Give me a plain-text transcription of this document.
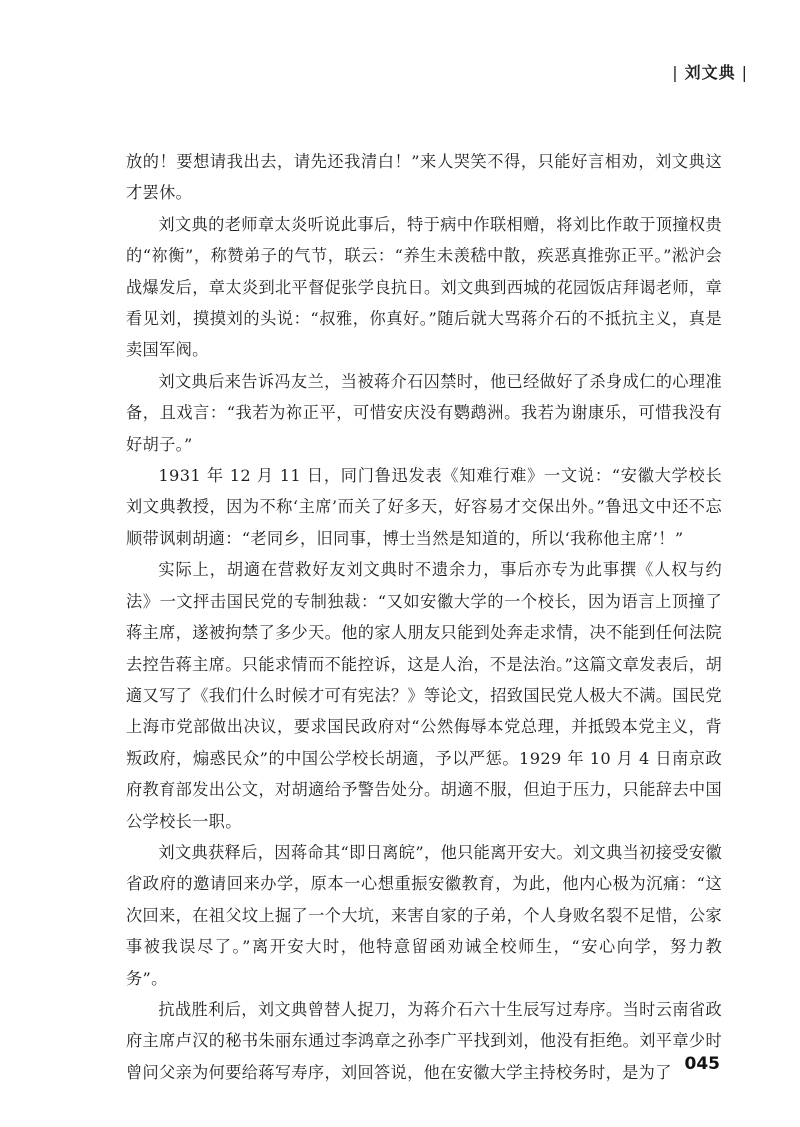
| 刘文典 |

放的！要想请我出去，请先还我清白！”来人哭笑不得，只能好言相劝，刘文典这才罢休。

刘文典的老师章太炎听说此事后，特于病中作联相赠，将刘比作敢于顶撞权贵的“祢衡”，称赞弟子的气节，联云：“养生未羡嵇中散，疾恶真推弥正平。”淞沪会战爆发后，章太炎到北平督促张学良抗日。刘文典到西城的花园饭店拜谒老师，章看见刘，摸摸刘的头说：“叔雅，你真好。”随后就大骂蒋介石的不抵抗主义，真是卖国军阀。

刘文典后来告诉冯友兰，当被蒋介石囚禁时，他已经做好了杀身成仁的心理准备，且戏言：“我若为祢正平，可惜安庆没有鹦鹉洲。我若为谢康乐，可惜我没有好胡子。”

1931 年 12 月 11 日，同门鲁迅发表《知难行难》一文说：“安徽大学校长刘文典教授，因为不称‘主席’而关了好多天，好容易才交保出外。”鲁迅文中还不忘顺带讽刺胡適：“老同乡，旧同事，博士当然是知道的，所以‘我称他主席’！”

实际上，胡適在营救好友刘文典时不遗余力，事后亦专为此事撰《人权与约法》一文抨击国民党的专制独裁：“又如安徽大学的一个校长，因为语言上顶撞了蒋主席，遂被拘禁了多少天。他的家人朋友只能到处奔走求情，决不能到任何法院去控告蒋主席。只能求情而不能控诉，这是人治，不是法治。”这篇文章发表后，胡適又写了《我们什么时候才可有宪法？》等论文，招致国民党人极大不满。国民党上海市党部做出决议，要求国民政府对“公然侮辱本党总理，并抵毁本党主义，背叛政府，煽惑民众”的中国公学校长胡適，予以严惩。1929 年 10 月 4 日南京政府教育部发出公文，对胡適给予警告处分。胡適不服，但迫于压力，只能辞去中国公学校长一职。

刘文典获释后，因蒋命其“即日离皖”，他只能离开安大。刘文典当初接受安徽省政府的邀请回来办学，原本一心想重振安徽教育，为此，他内心极为沉痛：“这次回来，在祖父坟上掘了一个大坑，来害自家的子弟，个人身败名裂不足惜，公家事被我误尽了。”离开安大时，他特意留函劝诫全校师生，“安心向学，努力教务”。

抗战胜利后，刘文典曾替人捉刀，为蒋介石六十生辰写过寿序。当时云南省政府主席卢汉的秘书朱丽东通过李鸿章之孙李广平找到刘，他没有拒绝。刘平章少时曾问父亲为何要给蒋写寿序，刘回答说，他在安徽大学主持校务时，是为了 045
